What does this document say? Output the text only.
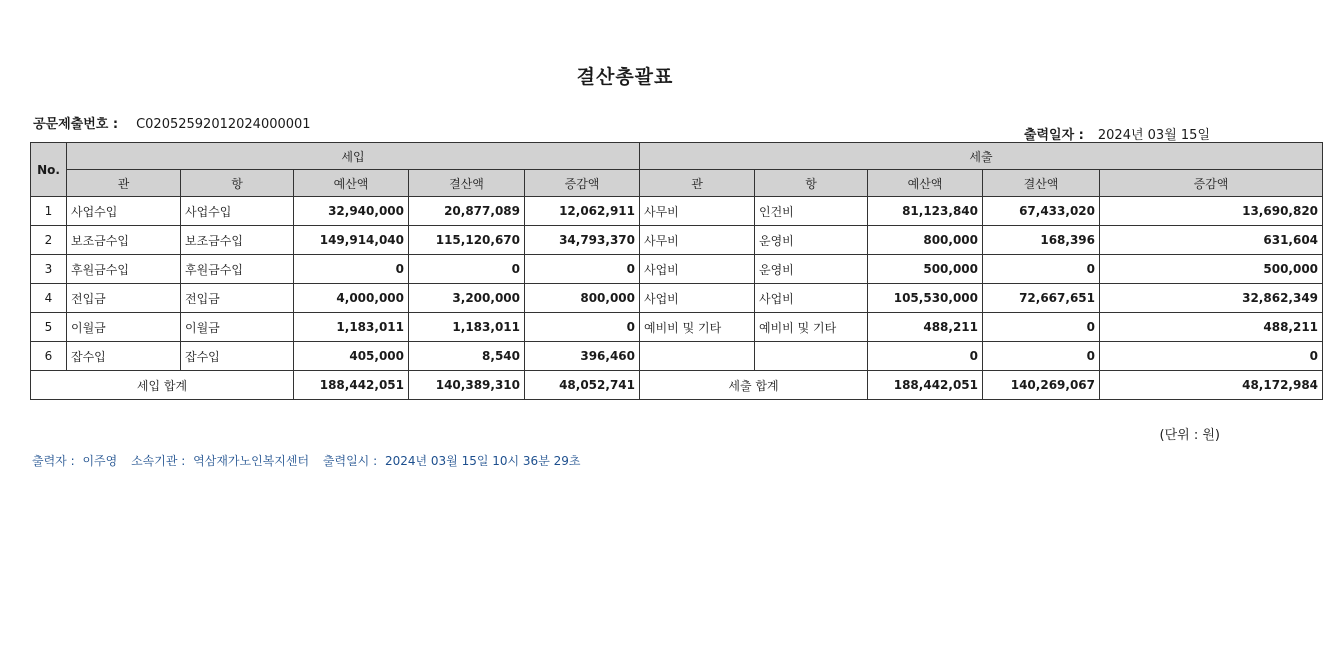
결산총괄표
공문제출번호 : C02052592012024000001
출력일자 : 2024년 03월 15일
No.	세입					세출				
	관	항	예산액	결산액	증감액	관	항	예산액	결산액	증감액
1	사업수입	사업수입	32,940,000	20,877,089	12,062,911	사무비	인건비	81,123,840	67,433,020	13,690,820
2	보조금수입	보조금수입	149,914,040	115,120,670	34,793,370	사무비	운영비	800,000	168,396	631,604
3	후원금수입	후원금수입	0	0	0	사업비	운영비	500,000	0	500,000
4	전입금	전입금	4,000,000	3,200,000	800,000	사업비	사업비	105,530,000	72,667,651	32,862,349
5	이월금	이월금	1,183,011	1,183,011	0	예비비 및 기타	예비비 및 기타	488,211	0	488,211
6	잡수입	잡수입	405,000	8,540	396,460			0	0	0
세입 합계			188,442,051	140,389,310	48,052,741	세출 합계		188,442,051	140,269,067	48,172,984
(단위 : 원)
출력자 : 이주영 소속기관 : 역삼재가노인복지센터 출력일시 : 2024년 03월 15일 10시 36분 29초
